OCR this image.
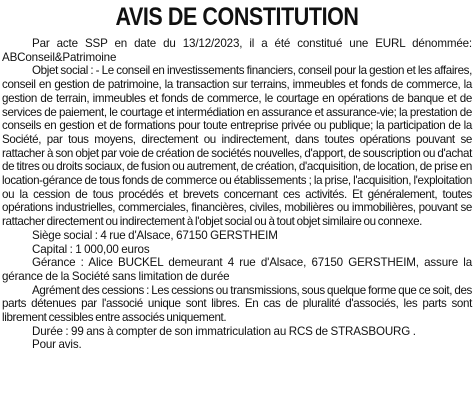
AVIS DE CONSTITUTION

Par acte SSP en date du 13/12/2023, il a été constitué une EURL dénommée: ABConseil&Patrimoine

Objet social : - Le conseil en investissements financiers, conseil pour la gestion et les affaires, conseil en gestion de patrimoine, la transaction sur terrains, immeubles et fonds de commerce, la gestion de terrain, immeubles et fonds de commerce, le courtage en opérations de banque et de services de paiement, le courtage et intermédiation en assurance et assurance-vie; la prestation de conseils en gestion et de formations pour toute entreprise privée ou publique; la participation de la Société, par tous moyens, directement ou indirectement, dans toutes opérations pouvant se rattacher à son objet par voie de création de sociétés nouvelles, d'apport, de souscription ou d'achat de titres ou droits sociaux, de fusion ou autrement, de création, d'acquisition, de location, de prise en location-gérance de tous fonds de commerce ou établissements ; la prise, l'acquisition, l'exploitation ou la cession de tous procédés et brevets concernant ces activités. Et généralement, toutes opérations industrielles, commerciales, financières, civiles, mobilières ou immobilières, pouvant se rattacher directement ou indirectement à l'objet social ou à tout objet similaire ou connexe.

Siège social : 4 rue d'Alsace, 67150 GERSTHEIM

Capital : 1 000,00 euros

Gérance : Alice BUCKEL demeurant 4 rue d'Alsace, 67150 GERSTHEIM, assure la gérance de la Société sans limitation de durée

Agrément des cessions : Les cessions ou transmissions, sous quelque forme que ce soit, des parts détenues par l'associé unique sont libres. En cas de pluralité d'associés, les parts sont librement cessibles entre associés uniquement.

Durée : 99 ans à compter de son immatriculation au RCS de STRASBOURG .

Pour avis.
